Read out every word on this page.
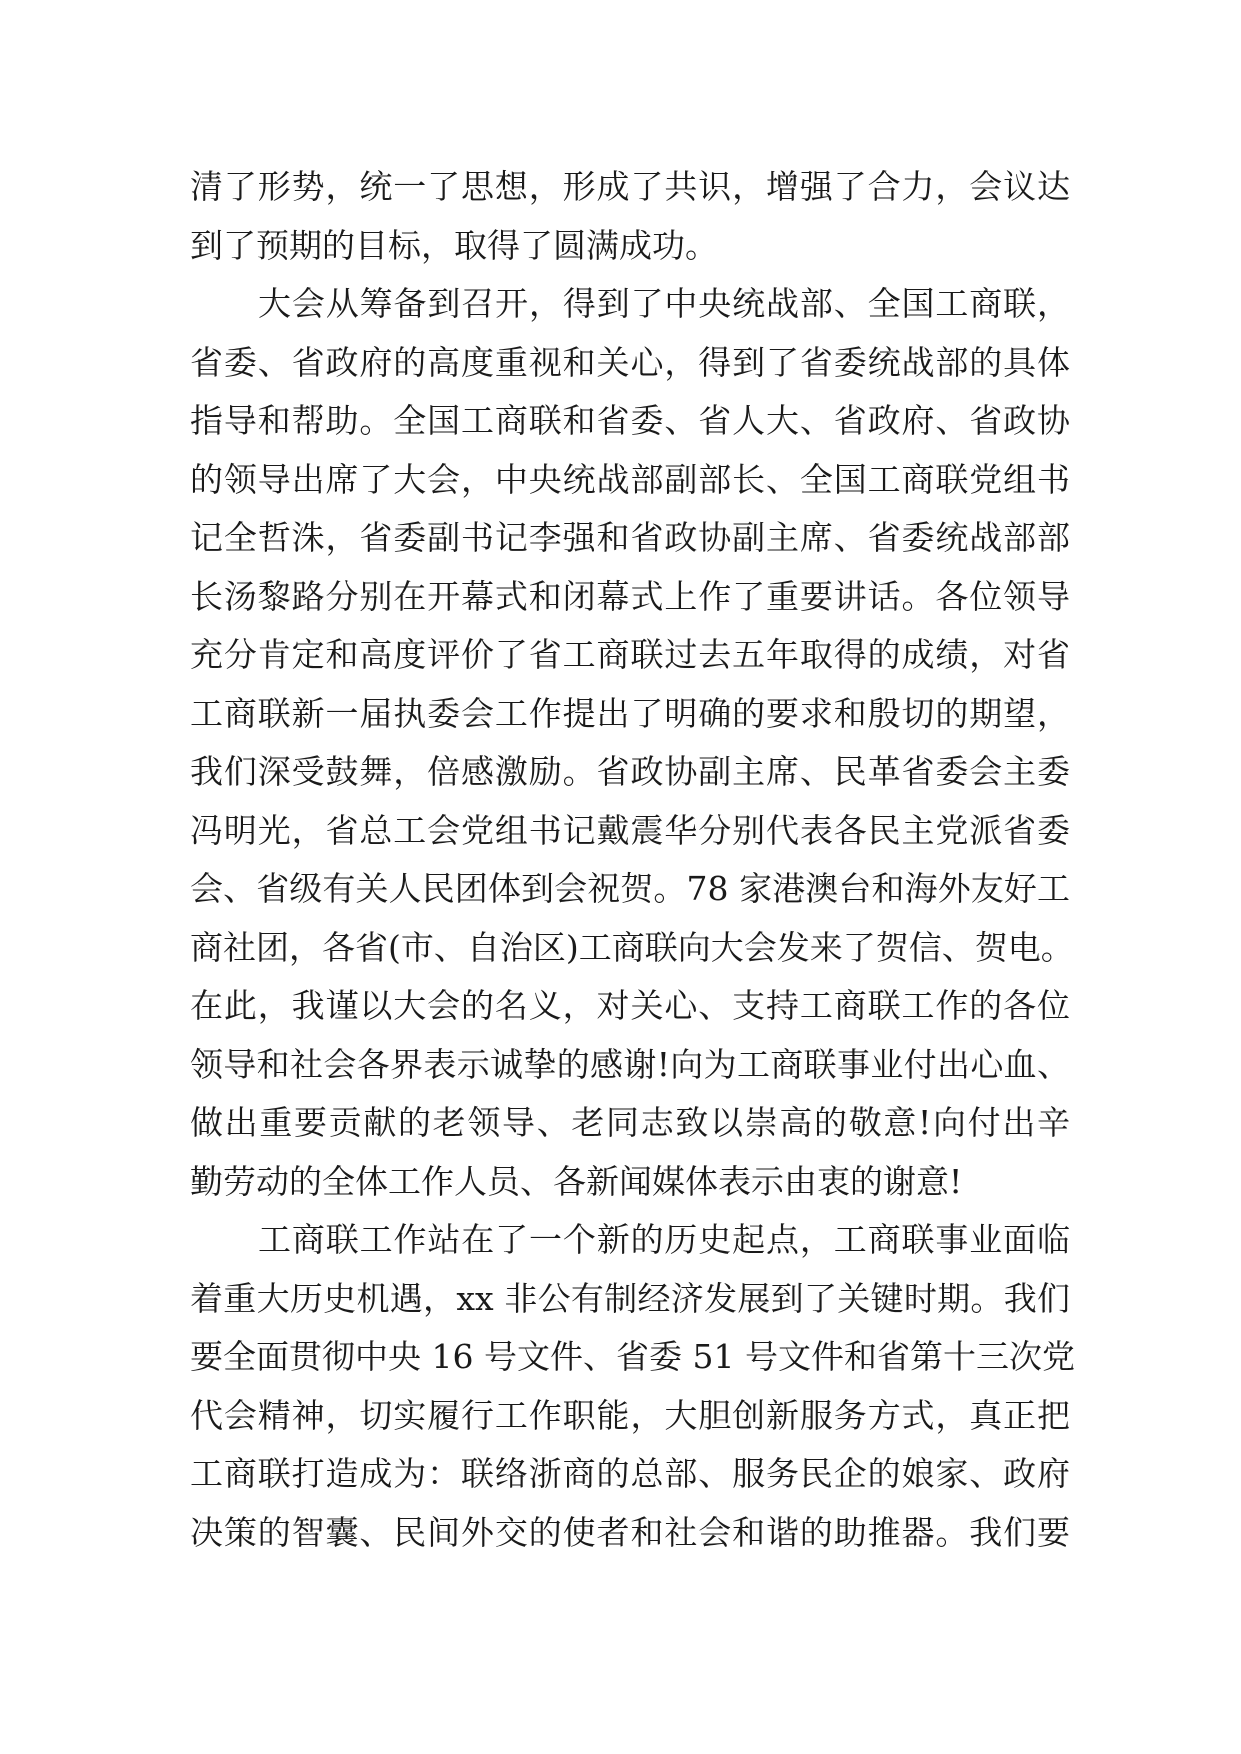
清了形势，统一了思想，形成了共识，增强了合力，会议达
到了预期的目标，取得了圆满成功。
大会从筹备到召开，得到了中央统战部、全国工商联，
省委、省政府的高度重视和关心，得到了省委统战部的具体
指导和帮助。全国工商联和省委、省人大、省政府、省政协
的领导出席了大会，中央统战部副部长、全国工商联党组书
记全哲洙，省委副书记李强和省政协副主席、省委统战部部
长汤黎路分别在开幕式和闭幕式上作了重要讲话。各位领导
充分肯定和高度评价了省工商联过去五年取得的成绩，对省
工商联新一届执委会工作提出了明确的要求和殷切的期望，
我们深受鼓舞，倍感激励。省政协副主席、民革省委会主委
冯明光，省总工会党组书记戴震华分别代表各民主党派省委
会、省级有关人民团体到会祝贺。78 家港澳台和海外友好工
商社团，各省(市、自治区)工商联向大会发来了贺信、贺电。
在此，我谨以大会的名义，对关心、支持工商联工作的各位
领导和社会各界表示诚挚的感谢!向为工商联事业付出心血、
做出重要贡献的老领导、老同志致以崇高的敬意!向付出辛
勤劳动的全体工作人员、各新闻媒体表示由衷的谢意!
工商联工作站在了一个新的历史起点，工商联事业面临
着重大历史机遇，xx 非公有制经济发展到了关键时期。我们
要全面贯彻中央 16 号文件、省委 51 号文件和省第十三次党
代会精神，切实履行工作职能，大胆创新服务方式，真正把
工商联打造成为：联络浙商的总部、服务民企的娘家、政府
决策的智囊、民间外交的使者和社会和谐的助推器。我们要
